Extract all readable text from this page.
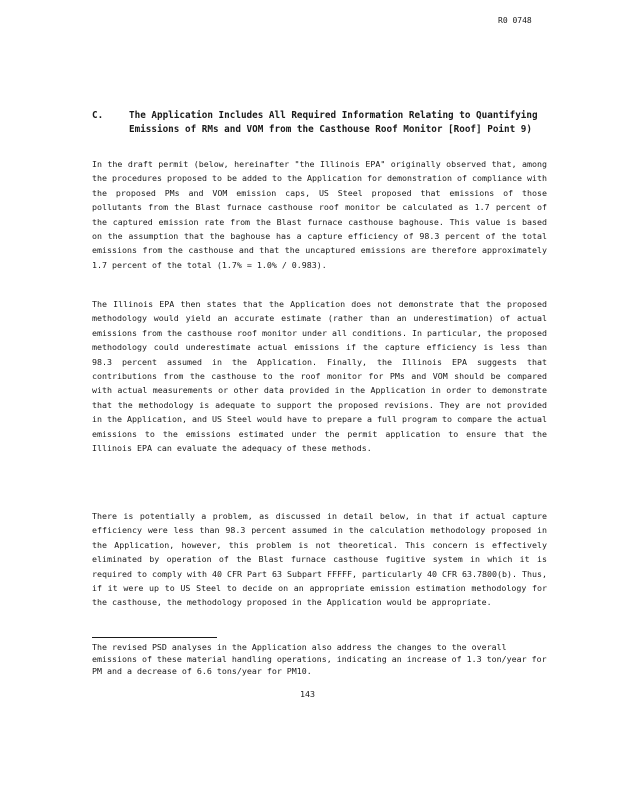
R0 0748
C.	The Application Includes All Required Information Relating to Quantifying Emissions of RMs and VOM from the Casthouse Roof Monitor [Roof] Point 9)
In the draft permit (below, hereinafter "the Illinois EPA" originally observed that, among the procedures proposed to be added to the Application for demonstration of compliance with the proposed PMs and VOM emission caps, US Steel proposed that emissions of those pollutants from the Blast furnace casthouse roof monitor be calculated as 1.7 percent of the captured emission rate from the Blast furnace casthouse baghouse. This value is based on the assumption that the baghouse has a capture efficiency of 98.3 percent of the total emissions from the casthouse and that the uncaptured emissions are therefore approximately 1.7 percent of the total (1.7% = 1.0% / 0.983).
The Illinois EPA then states that the Application does not demonstrate that the proposed methodology would yield an accurate estimate (rather than an underestimation) of actual emissions from the casthouse roof monitor under all conditions. In particular, the proposed methodology could underestimate actual emissions if the capture efficiency is less than 98.3 percent assumed in the Application. Finally, the Illinois EPA suggests that contributions from the casthouse to the roof monitor for PMs and VOM should be compared with actual measurements or other data provided in the Application in order to demonstrate that the methodology is adequate to support the proposed revisions. They are not provided in the Application, and US Steel would have to prepare a full program to compare the actual emissions to the emissions estimated under the permit application to ensure that the Illinois EPA can evaluate the adequacy of these methods.
There is potentially a problem, as discussed in detail below, in that if actual capture efficiency were less than 98.3 percent assumed in the calculation methodology proposed in the Application, however, this problem is not theoretical. This concern is effectively eliminated by operation of the Blast furnace casthouse fugitive system in which it is required to comply with 40 CFR Part 63 Subpart FFFFF, particularly 40 CFR 63.7800(b). Thus, if it were up to US Steel to decide on an appropriate emission estimation methodology for the casthouse, the methodology proposed in the Application would be appropriate.
The revised PSD analyses in the Application also address the changes to the overall emissions of these material handling operations, indicating an increase of 1.3 ton/year for PM and a decrease of 6.6 tons/year for PM10.
143
